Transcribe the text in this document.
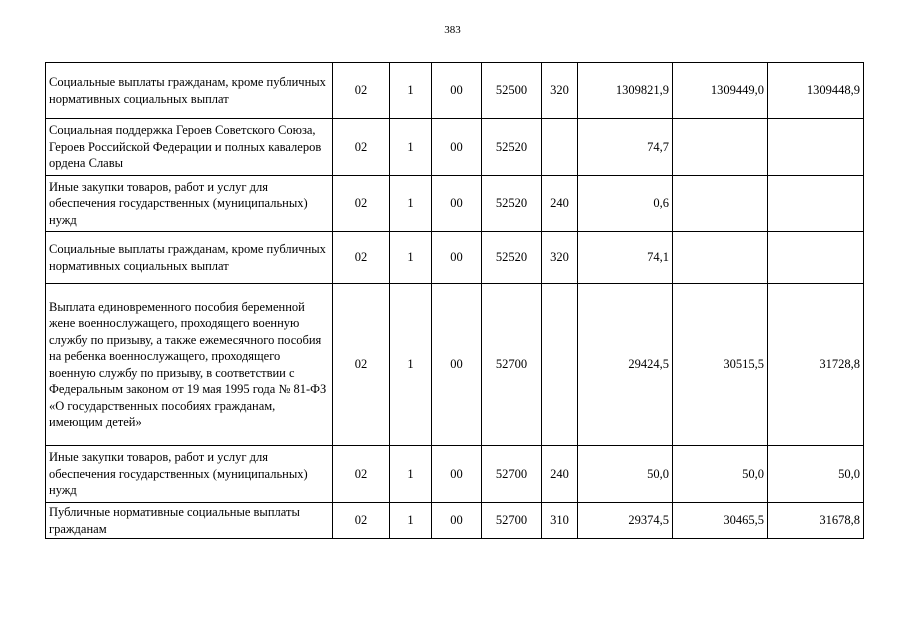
383
Социальные выплаты гражданам, кроме публичных нормативных социальных выплат	02	1	00	52500	320	1309821,9	1309449,0	1309448,9
Социальная поддержка Героев Советского Союза, Героев Российской Федерации и полных кавалеров ордена Славы	02	1	00	52520		74,7		
Иные закупки товаров, работ и услуг для обеспечения государственных (муниципальных) нужд	02	1	00	52520	240	0,6		
Социальные выплаты гражданам, кроме публичных нормативных социальных выплат	02	1	00	52520	320	74,1		
Выплата единовременного пособия беременной жене военнослужащего, проходящего военную службу по призыву, а также ежемесячного пособия на ребенка военнослужащего, проходящего военную службу по призыву, в соответствии с Федеральным законом от 19 мая 1995 года № 81-ФЗ «О государственных пособиях гражданам, имеющим детей»	02	1	00	52700		29424,5	30515,5	31728,8
Иные закупки товаров, работ и услуг для обеспечения государственных (муниципальных) нужд	02	1	00	52700	240	50,0	50,0	50,0
Публичные нормативные социальные выплаты гражданам	02	1	00	52700	310	29374,5	30465,5	31678,8
